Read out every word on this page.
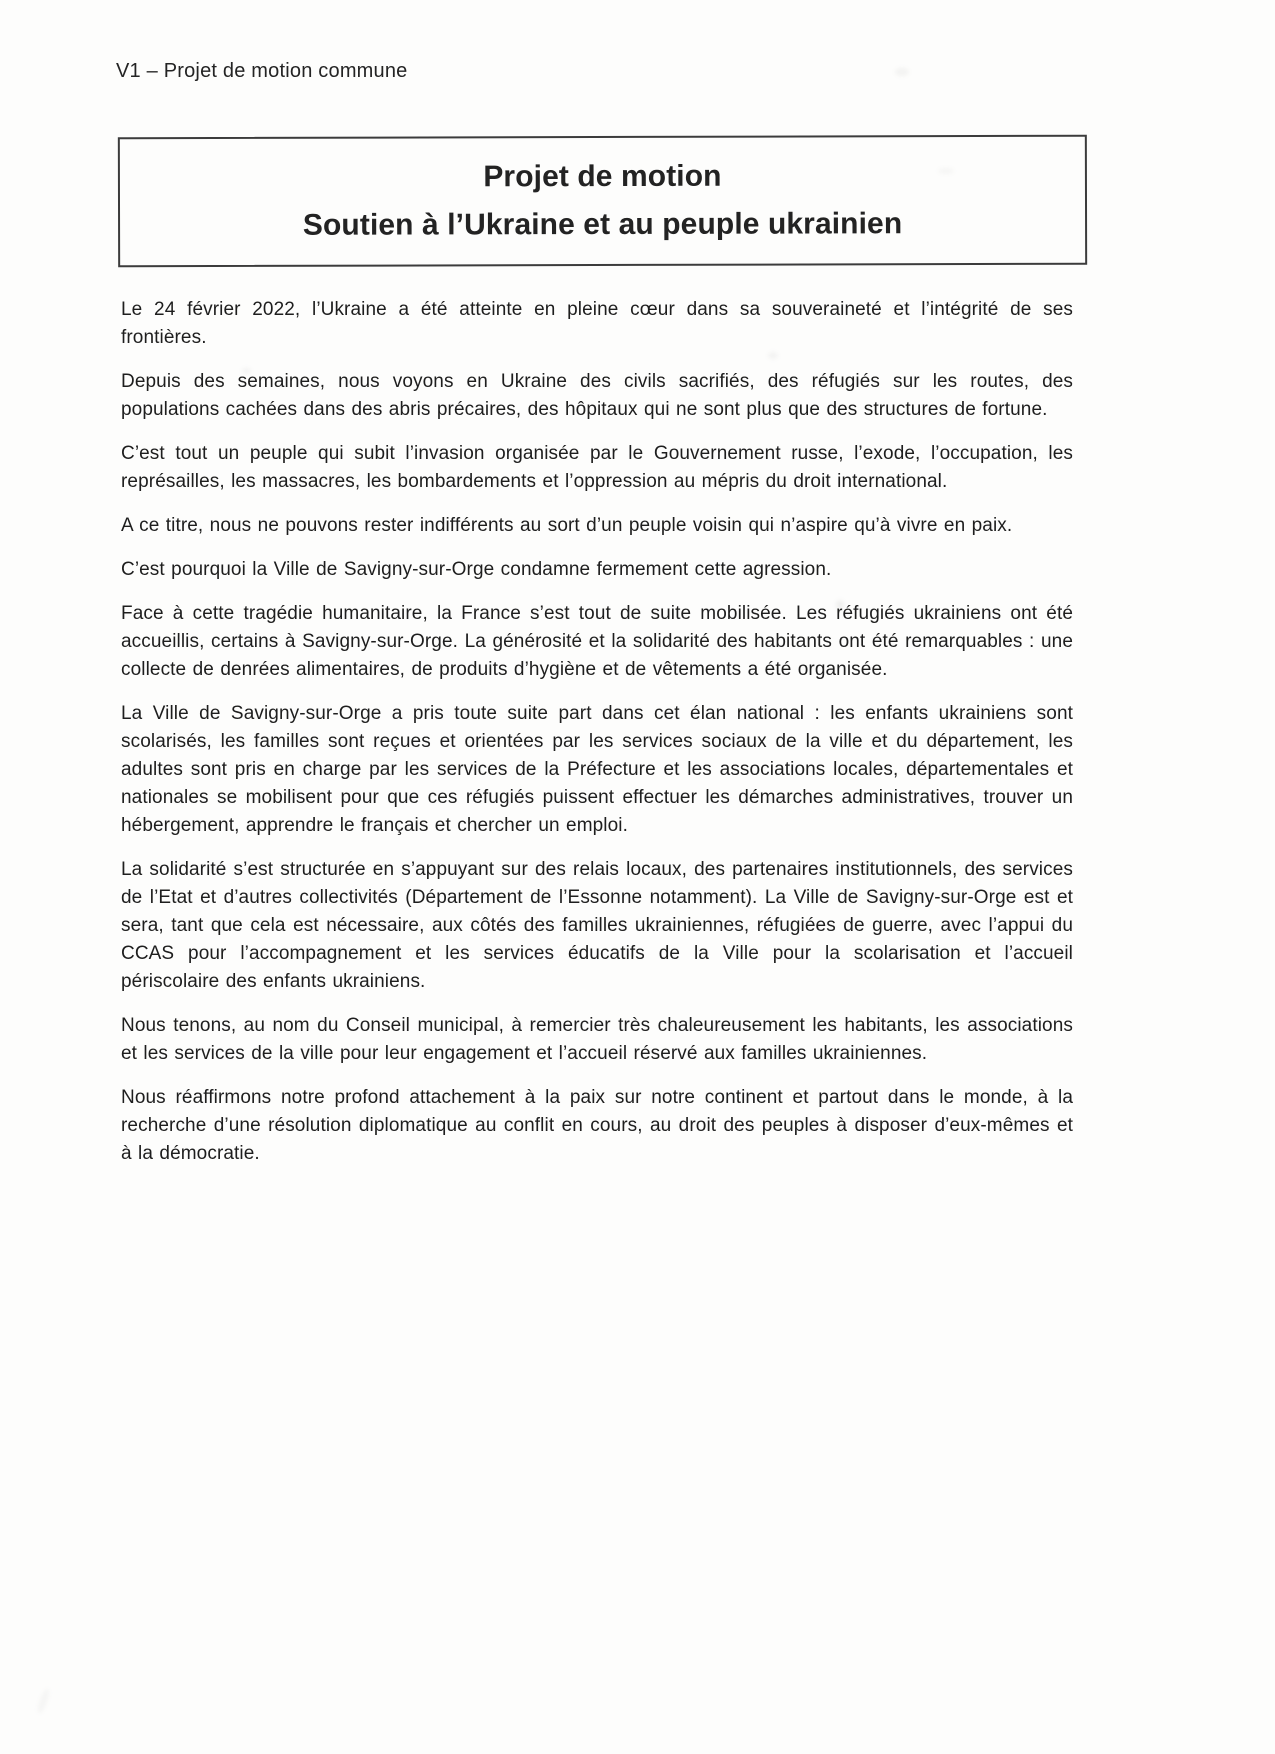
V1 – Projet de motion commune
Projet de motion
Soutien à l’Ukraine et au peuple ukrainien

Le 24 février 2022, l’Ukraine a été atteinte en pleine cœur dans sa souveraineté et l’intégrité de ses frontières.

Depuis des semaines, nous voyons en Ukraine des civils sacrifiés, des réfugiés sur les routes, des populations cachées dans des abris précaires, des hôpitaux qui ne sont plus que des structures de fortune.

C’est tout un peuple qui subit l’invasion organisée par le Gouvernement russe, l’exode, l’occupation, les représailles, les massacres, les bombardements et l’oppression au mépris du droit international.

A ce titre, nous ne pouvons rester indifférents au sort d’un peuple voisin qui n’aspire qu’à vivre en paix.

C’est pourquoi la Ville de Savigny-sur-Orge condamne fermement cette agression.

Face à cette tragédie humanitaire, la France s’est tout de suite mobilisée. Les réfugiés ukrainiens ont été accueillis, certains à Savigny-sur-Orge. La générosité et la solidarité des habitants ont été remarquables : une collecte de denrées alimentaires, de produits d’hygiène et de vêtements a été organisée.

La Ville de Savigny-sur-Orge a pris toute suite part dans cet élan national : les enfants ukrainiens sont scolarisés, les familles sont reçues et orientées par les services sociaux de la ville et du département, les adultes sont pris en charge par les services de la Préfecture et les associations locales, départementales et nationales se mobilisent pour que ces réfugiés puissent effectuer les démarches administratives, trouver un hébergement, apprendre le français et chercher un emploi.

La solidarité s’est structurée en s’appuyant sur des relais locaux, des partenaires institutionnels, des services de l’Etat et d’autres collectivités (Département de l’Essonne notamment). La Ville de Savigny-sur-Orge est et sera, tant que cela est nécessaire, aux côtés des familles ukrainiennes, réfugiées de guerre, avec l’appui du CCAS pour l’accompagnement et les services éducatifs de la Ville pour la scolarisation et l’accueil périscolaire des enfants ukrainiens.

Nous tenons, au nom du Conseil municipal, à remercier très chaleureusement les habitants, les associations et les services de la ville pour leur engagement et l’accueil réservé aux familles ukrainiennes.

Nous réaffirmons notre profond attachement à la paix sur notre continent et partout dans le monde, à la recherche d’une résolution diplomatique au conflit en cours, au droit des peuples à disposer d’eux-mêmes et à la démocratie.
